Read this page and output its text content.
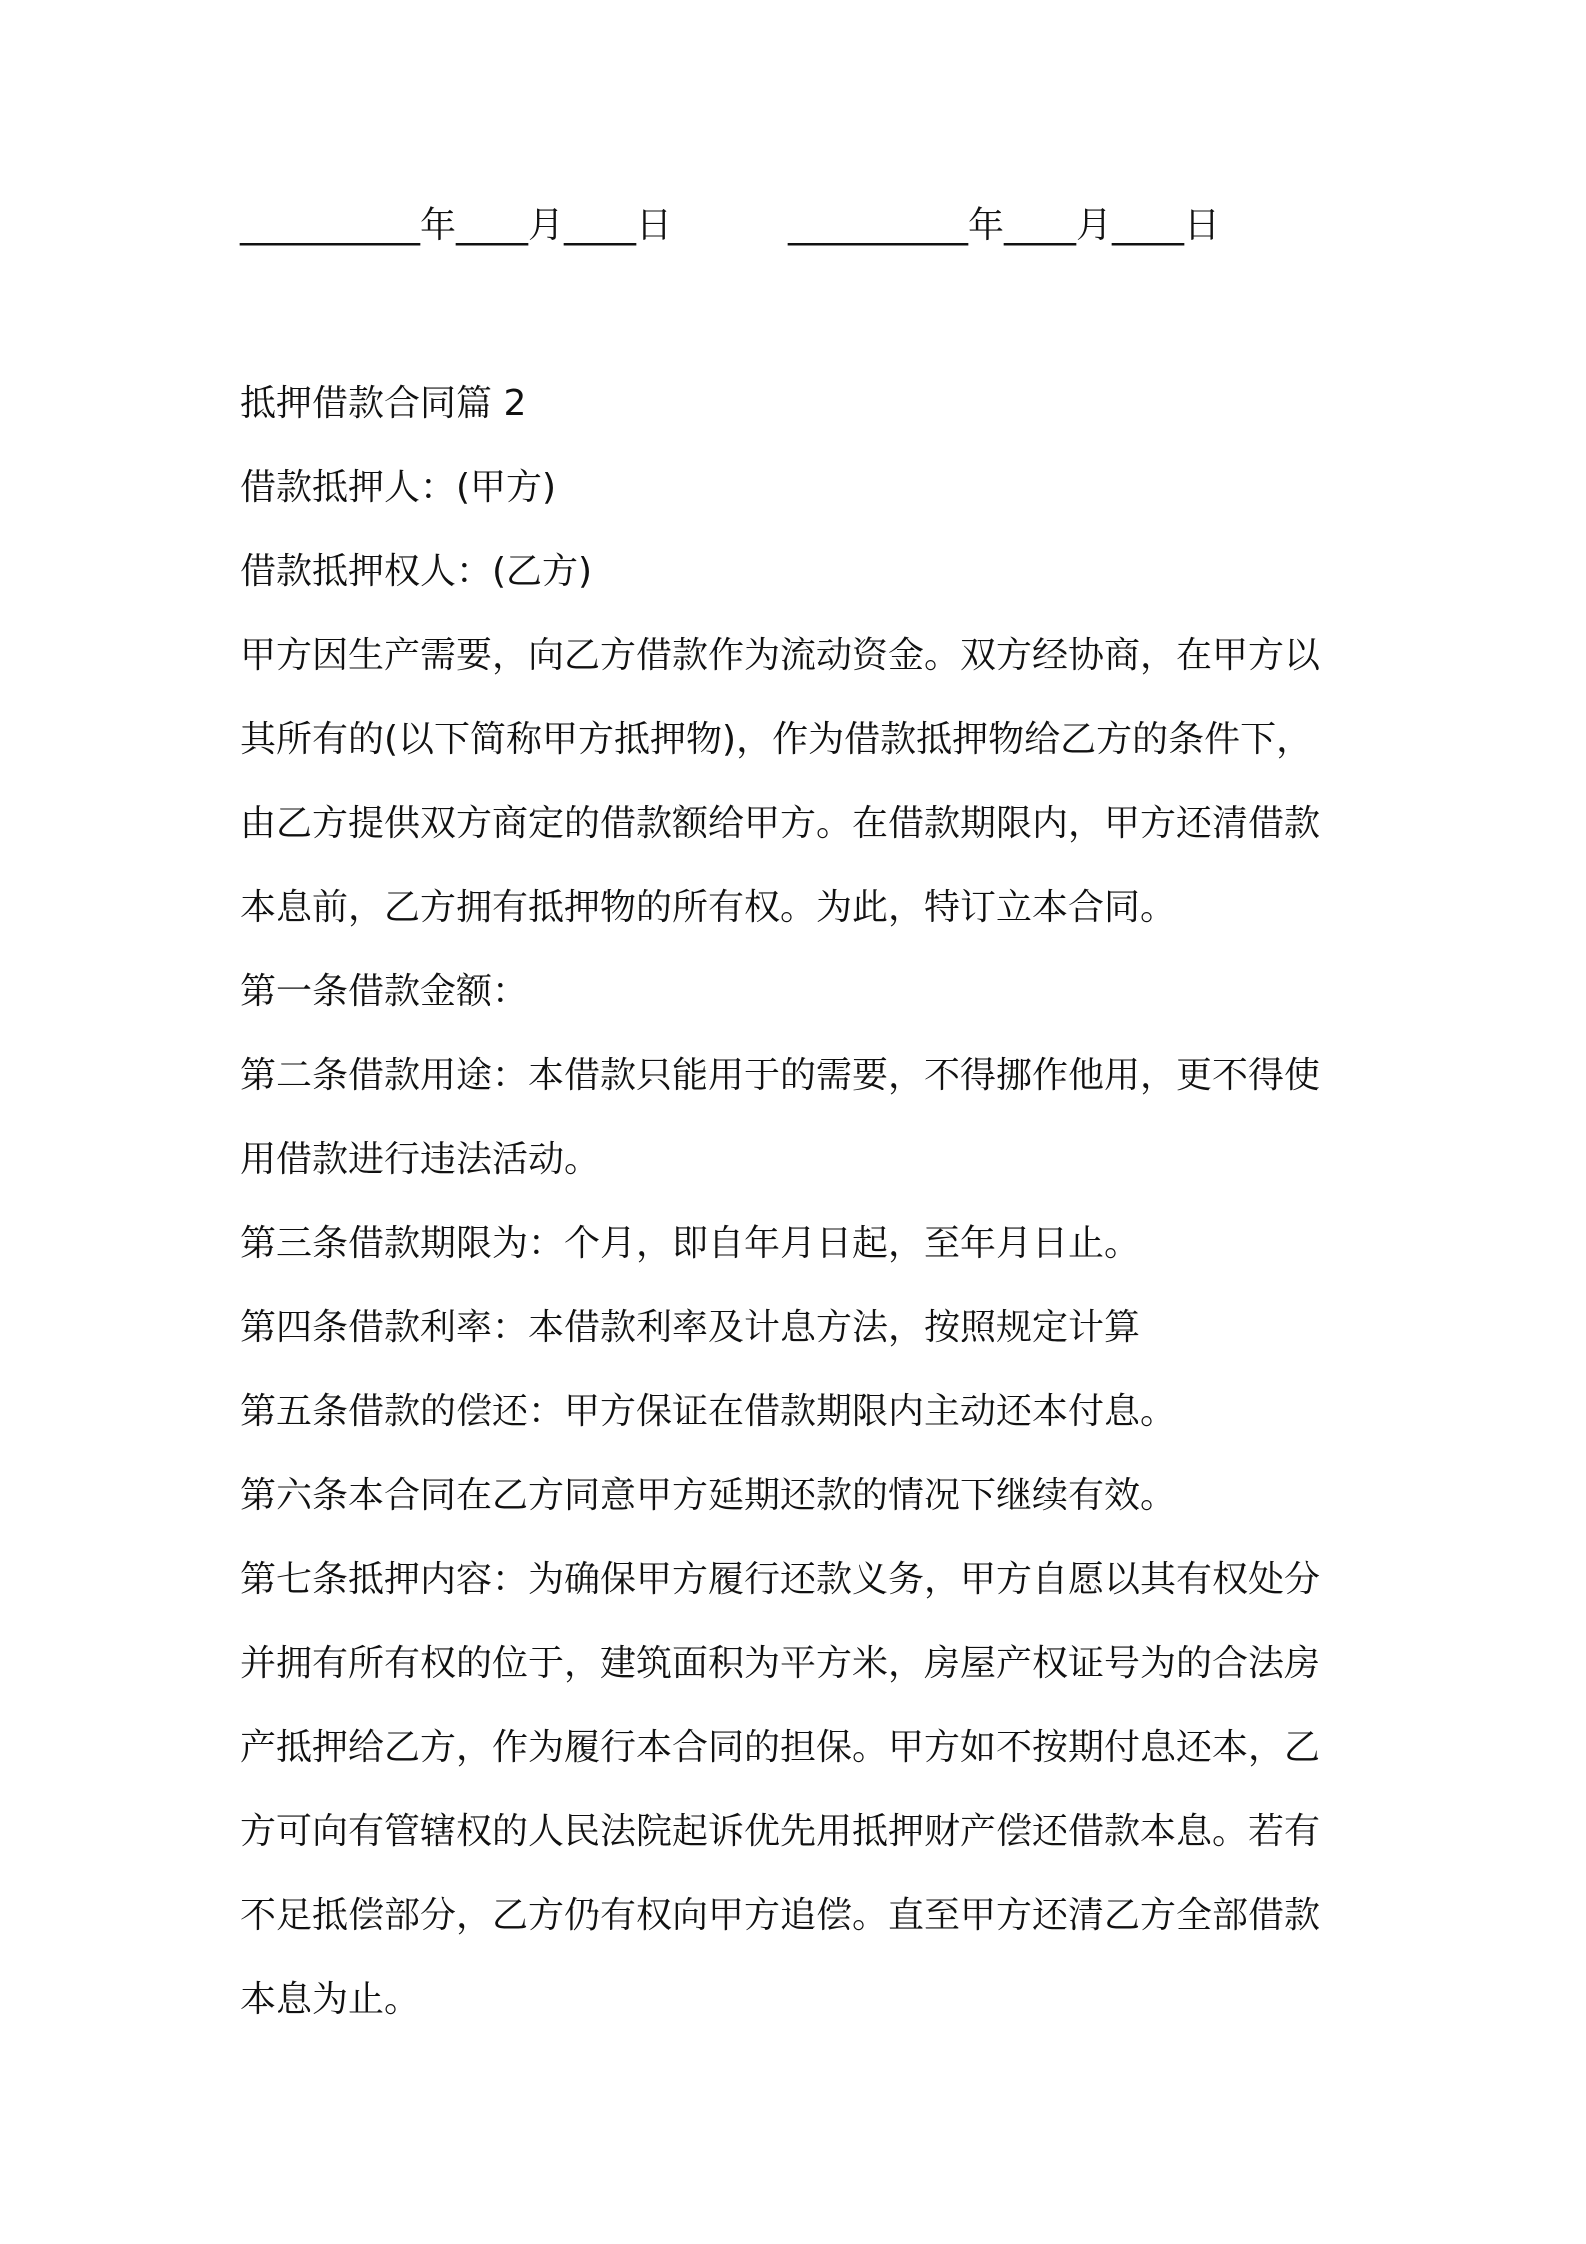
__________年____月____日	__________年____月____日

抵押借款合同篇 2

借款抵押人：(甲方)

借款抵押权人：(乙方)

甲方因生产需要，向乙方借款作为流动资金。双方经协商，在甲方以

其所有的(以下简称甲方抵押物)，作为借款抵押物给乙方的条件下，

由乙方提供双方商定的借款额给甲方。在借款期限内，甲方还清借款

本息前，乙方拥有抵押物的所有权。为此，特订立本合同。

第一条借款金额：

第二条借款用途：本借款只能用于的需要，不得挪作他用，更不得使

用借款进行违法活动。

第三条借款期限为：个月，即自年月日起，至年月日止。

第四条借款利率：本借款利率及计息方法，按照规定计算

第五条借款的偿还：甲方保证在借款期限内主动还本付息。

第六条本合同在乙方同意甲方延期还款的情况下继续有效。

第七条抵押内容：为确保甲方履行还款义务，甲方自愿以其有权处分

并拥有所有权的位于，建筑面积为平方米，房屋产权证号为的合法房

产抵押给乙方，作为履行本合同的担保。甲方如不按期付息还本，乙

方可向有管辖权的人民法院起诉优先用抵押财产偿还借款本息。若有

不足抵偿部分，乙方仍有权向甲方追偿。直至甲方还清乙方全部借款

本息为止。
